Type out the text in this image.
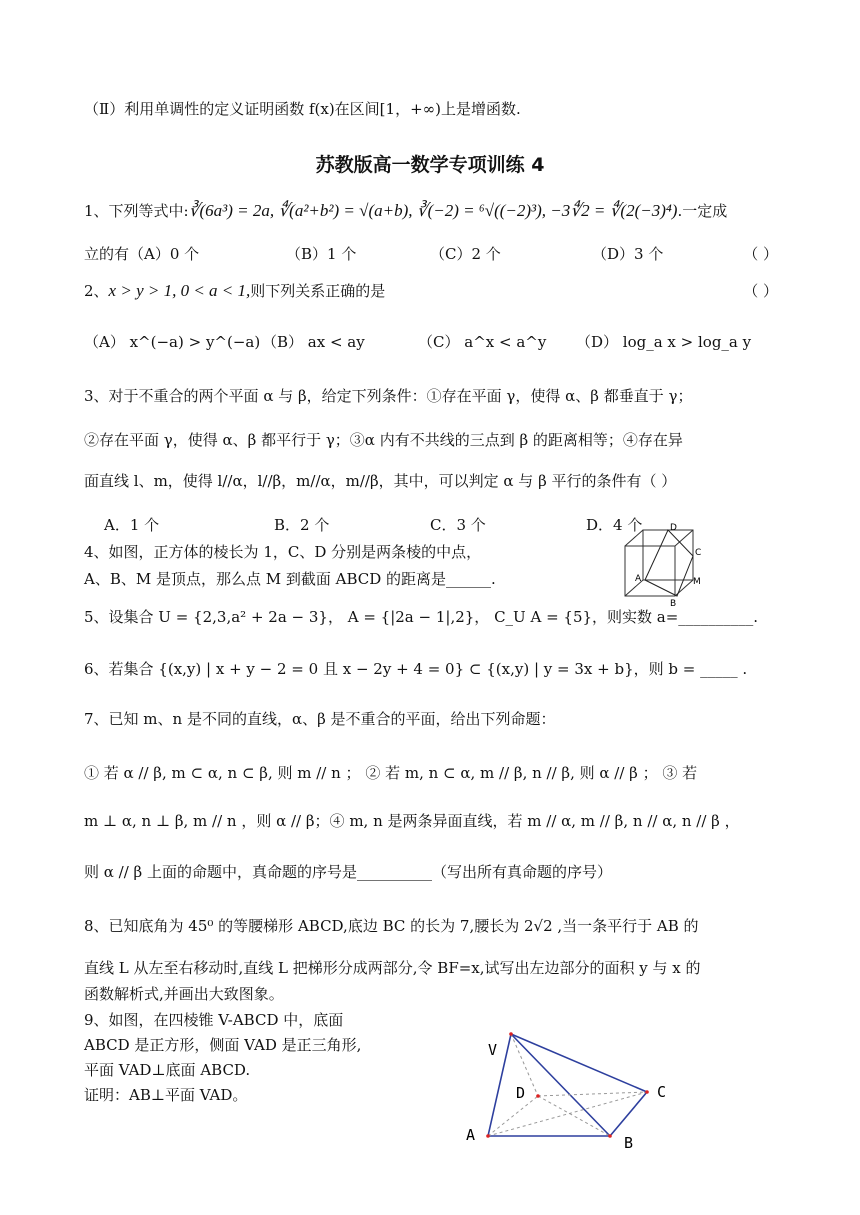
（Ⅱ）利用单调性的定义证明函数 f(x)在区间[1，+∞)上是增函数.
苏教版高一数学专项训练 4
1、下列等式中:∛(6a³) = 2a, ∜(a²+b²) = √(a+b), ∛(−2) = ⁶√((−2)³), −3∜2 = ∜(2(−3)⁴).一定成
立的有（A）0 个	（B）1 个	（C）2 个	（D）3 个	（ ）
2、x > y > 1, 0 < a < 1,则下列关系正确的是	（ ）
（A） x^(−a) > y^(−a) （B） ax < ay	（C） a^x < a^y （D） log_a x > log_a y
3、对于不重合的两个平面 α 与 β，给定下列条件：①存在平面 γ，使得 α、β 都垂直于 γ；
②存在平面 γ，使得 α、β 都平行于 γ；③α 内有不共线的三点到 β 的距离相等；④存在异
面直线 l、m，使得 l//α，l//β，m//α，m//β，其中，可以判定 α 与 β 平行的条件有（ ）
A．1 个	B．2 个	C．3 个	D．4 个
4、如图，正方体的棱长为 1，C、D 分别是两条棱的中点，
A、B、M 是顶点，那么点 M 到截面 ABCD 的距离是______.
D
C
A	M
B
5、设集合 U = {2,3,a² + 2a − 3}， A = {|2a − 1|,2}， C_U A = {5}，则实数 a=__________.
6、若集合 {(x,y) | x + y − 2 = 0 且 x − 2y + 4 = 0} ⊂ {(x,y) | y = 3x + b}，则 b = _____ .
7、已知 m、n 是不同的直线，α、β 是不重合的平面，给出下列命题：
① 若 α // β, m ⊂ α, n ⊂ β, 则 m // n ； ② 若 m, n ⊂ α, m // β, n // β, 则 α // β ； ③ 若
m ⊥ α, n ⊥ β, m // n ，则 α // β；④ m, n 是两条异面直线，若 m // α, m // β, n // α, n // β ，
则 α // β 上面的命题中，真命题的序号是__________（写出所有真命题的序号）
8、已知底角为 45⁰ 的等腰梯形 ABCD,底边 BC 的长为 7,腰长为 2√2 ,当一条平行于 AB 的
直线 L 从左至右移动时,直线 L 把梯形分成两部分,令 BF=x,试写出左边部分的面积 y 与 x 的
函数解析式,并画出大致图象。
9、如图，在四棱锥 V-ABCD 中，底面
ABCD 是正方形，侧面 VAD 是正三角形,
平面 VAD⊥底面 ABCD.
证明：AB⊥平面 VAD。
V
D	C
A	B
